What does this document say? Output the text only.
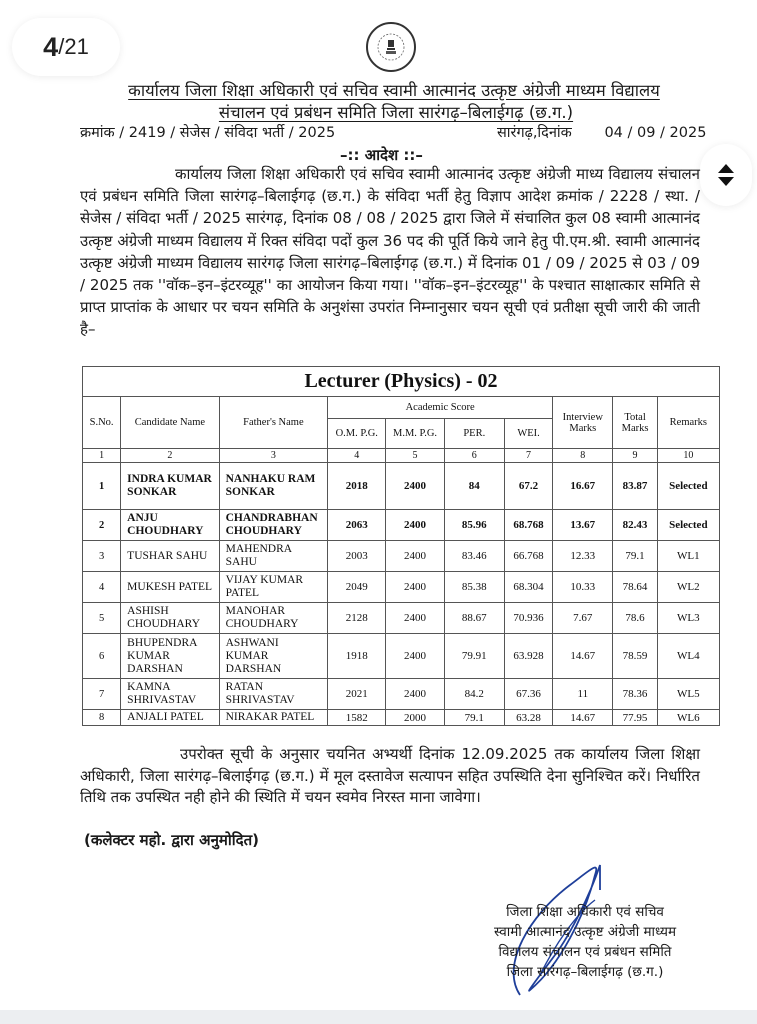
4 / 21
कार्यालय जिला शिक्षा अधिकारी एवं सचिव स्वामी आत्मानंद उत्कृष्ट अंग्रेजी माध्यम विद्यालय
संचालन एवं प्रबंधन समिति जिला सारंगढ़–बिलाईगढ़ (छ.ग.)
क्रमांक / 2419 / सेजेस / संविदा भर्ती / 2025	सारंगढ़,दिनांक 04 / 09 / 2025
–:: आदेश ::–

कार्यालय जिला शिक्षा अधिकारी एवं सचिव स्वामी आत्मानंद उत्कृष्ट अंग्रेजी माध्य विद्यालय संचालन एवं प्रबंधन समिति जिला सारंगढ़–बिलाईगढ़ (छ.ग.) के संविदा भर्ती हेतु विज्ञाप आदेश क्रमांक / 2228 / स्था. / सेजेस / संविदा भर्ती / 2025 सारंगढ़, दिनांक 08 / 08 / 2025 द्वारा जिले में संचालित कुल 08 स्वामी आत्मानंद उत्कृष्ट अंग्रेजी माध्यम विद्यालय में रिक्त संविदा पदों कुल 36 पद की पूर्ति किये जाने हेतु पी.एम.श्री. स्वामी आत्मानंद उत्कृष्ट अंग्रेजी माध्यम विद्यालय सारंगढ़ जिला सारंगढ़–बिलाईगढ़ (छ.ग.) में दिनांक 01 / 09 / 2025 से 03 / 09 / 2025 तक ''वॉक–इन–इंटरव्यूह'' का आयोजन किया गया। ''वॉक–इन–इंटरव्यूह'' के पश्चात साक्षात्कार समिति से प्राप्त प्राप्तांक के आधार पर चयन समिति के अनुशंसा उपरांत निम्नानुसार चयन सूची एवं प्रतीक्षा सूची जारी की जाती है–

Lecturer (Physics) - 02									
S.No.	Candidate Name	Father's Name	Academic Score				Interview Marks	Total Marks	Remarks
			O.M. P.G.	M.M. P.G.	PER.	WEI.			
1	2	3	4	5	6	7	8	9	10
1	INDRA KUMAR SONKAR	NANHAKU RAM SONKAR	2018	2400	84	67.2	16.67	83.87	Selected
2	ANJU CHOUDHARY	CHANDRABHAN CHOUDHARY	2063	2400	85.96	68.768	13.67	82.43	Selected
3	TUSHAR SAHU	MAHENDRA SAHU	2003	2400	83.46	66.768	12.33	79.1	WL1
4	MUKESH PATEL	VIJAY KUMAR PATEL	2049	2400	85.38	68.304	10.33	78.64	WL2
5	ASHISH CHOUDHARY	MANOHAR CHOUDHARY	2128	2400	88.67	70.936	7.67	78.6	WL3
6	BHUPENDRA KUMAR DARSHAN	ASHWANI KUMAR DARSHAN	1918	2400	79.91	63.928	14.67	78.59	WL4
7	KAMNA SHRIVASTAV	RATAN SHRIVASTAV	2021	2400	84.2	67.36	11	78.36	WL5
8	ANJALI PATEL	NIRAKAR PATEL	1582	2000	79.1	63.28	14.67	77.95	WL6

उपरोक्त सूची के अनुसार चयनित अभ्यर्थी दिनांक 12.09.2025 तक कार्यालय जिला शिक्षा अधिकारी, जिला सारंगढ़–बिलाईगढ़ (छ.ग.) में मूल दस्तावेज सत्यापन सहित उपस्थिति देना सुनिश्चित करें। निर्धारित तिथि तक उपस्थित नही होने की स्थिति में चयन स्वमेव निरस्त माना जावेगा।

(कलेक्टर महो. द्वारा अनुमोदित)
जिला शिक्षा अधिकारी एवं सचिव
स्वामी आत्मानंद उत्कृष्ट अंग्रेजी माध्यम
विद्यालय संचालन एवं प्रबंधन समिति
जिला सारंगढ़–बिलाईगढ़ (छ.ग.)
